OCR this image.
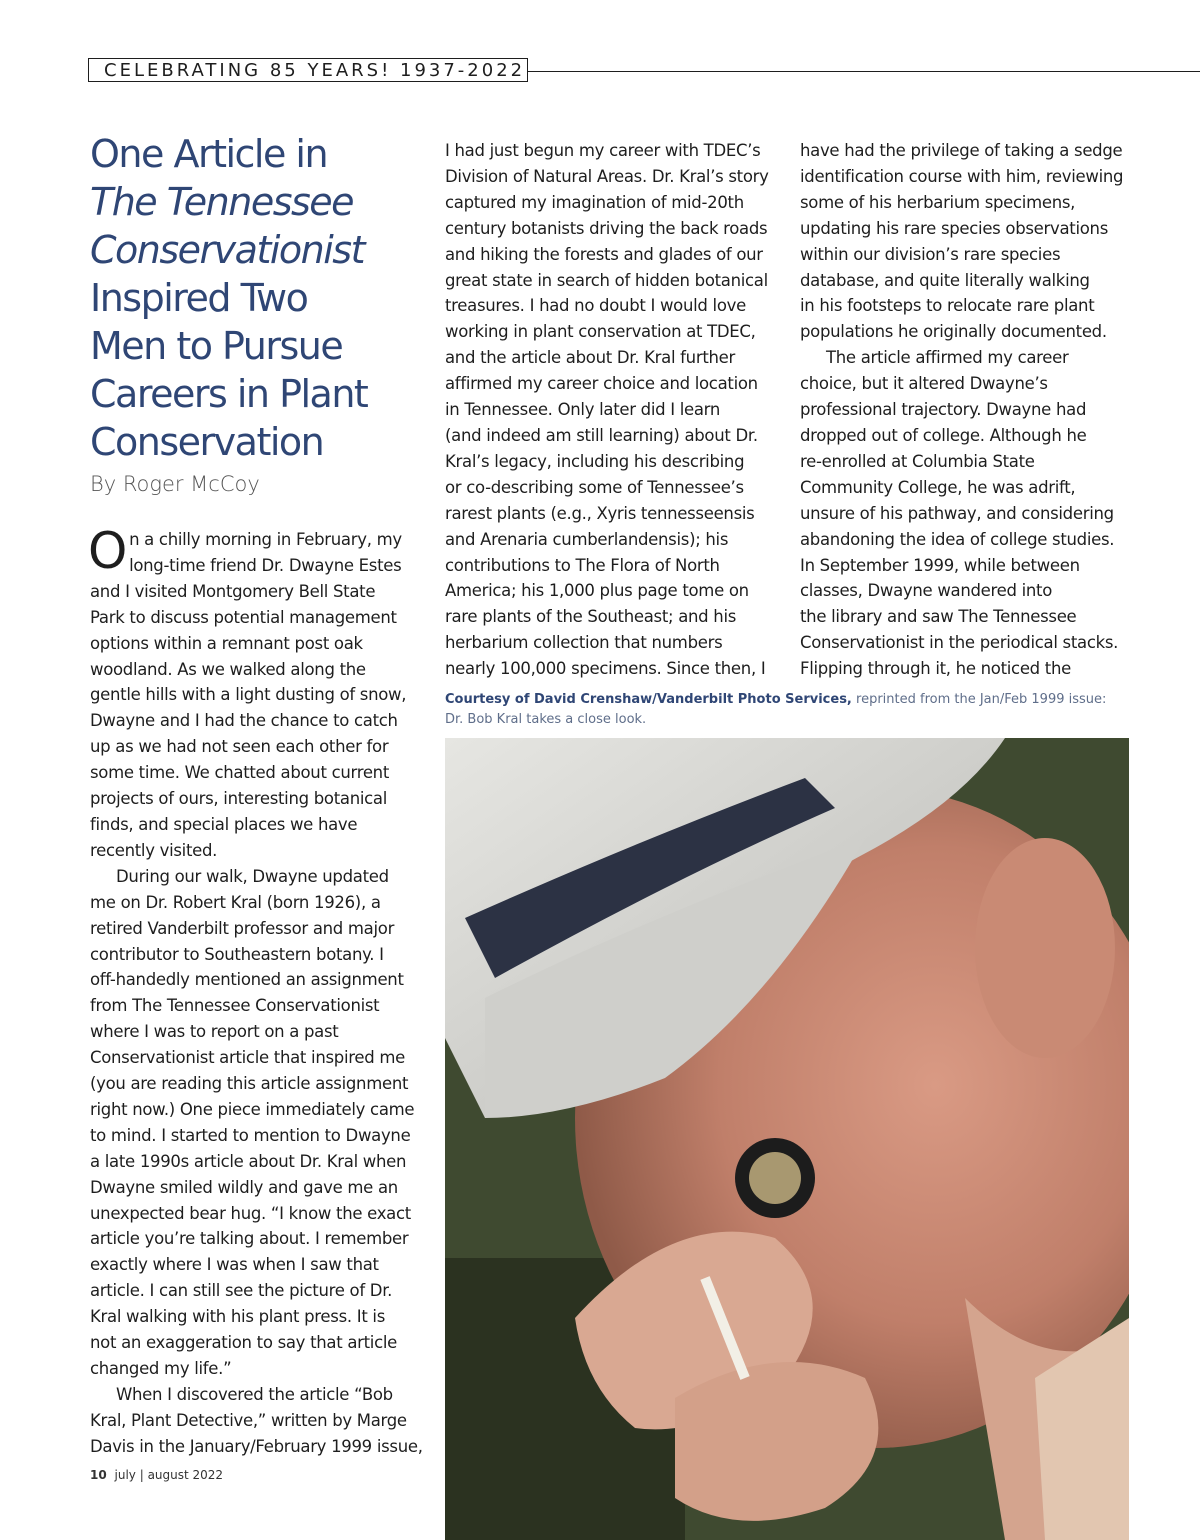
CELEBRATING 85 YEARS! 1937-2022
One Article in
The Tennessee
Conservationist
Inspired Two
Men to Pursue
Careers in Plant
Conservation
By Roger McCoy
O n a chilly morning in February, my
long-time friend Dr. Dwayne Estes
and I visited Montgomery Bell State
Park to discuss potential management
options within a remnant post oak
woodland. As we walked along the
gentle hills with a light dusting of snow,
Dwayne and I had the chance to catch
up as we had not seen each other for
some time. We chatted about current
projects of ours, interesting botanical
finds, and special places we have
recently visited.
During our walk, Dwayne updated
me on Dr. Robert Kral (born 1926), a
retired Vanderbilt professor and major
contributor to Southeastern botany. I
off-handedly mentioned an assignment
from The Tennessee Conservationist
where I was to report on a past
Conservationist article that inspired me
(you are reading this article assignment
right now.) One piece immediately came
to mind. I started to mention to Dwayne
a late 1990s article about Dr. Kral when
Dwayne smiled wildly and gave me an
unexpected bear hug. “I know the exact
article you’re talking about. I remember
exactly where I was when I saw that
article. I can still see the picture of Dr.
Kral walking with his plant press. It is
not an exaggeration to say that article
changed my life.”
When I discovered the article “Bob
Kral, Plant Detective,” written by Marge
Davis in the January/February 1999 issue,
I had just begun my career with TDEC’s
Division of Natural Areas. Dr. Kral’s story
captured my imagination of mid-20th
century botanists driving the back roads
and hiking the forests and glades of our
great state in search of hidden botanical
treasures. I had no doubt I would love
working in plant conservation at TDEC,
and the article about Dr. Kral further
affirmed my career choice and location
in Tennessee. Only later did I learn
(and indeed am still learning) about Dr.
Kral’s legacy, including his describing
or co-describing some of Tennessee’s
rarest plants (e.g., Xyris tennesseensis
and Arenaria cumberlandensis); his
contributions to The Flora of North
America; his 1,000 plus page tome on
rare plants of the Southeast; and his
herbarium collection that numbers
nearly 100,000 specimens. Since then, I
have had the privilege of taking a sedge
identification course with him, reviewing
some of his herbarium specimens,
updating his rare species observations
within our division’s rare species
database, and quite literally walking
in his footsteps to relocate rare plant
populations he originally documented.
The article affirmed my career
choice, but it altered Dwayne’s
professional trajectory. Dwayne had
dropped out of college. Although he
re-enrolled at Columbia State
Community College, he was adrift,
unsure of his pathway, and considering
abandoning the idea of college studies.
In September 1999, while between
classes, Dwayne wandered into
the library and saw The Tennessee
Conservationist in the periodical stacks.
Flipping through it, he noticed the
Courtesy of David Crenshaw/Vanderbilt Photo Services, reprinted from the Jan/Feb 1999 issue:
Dr. Bob Kral takes a close look.
10 july | august 2022
